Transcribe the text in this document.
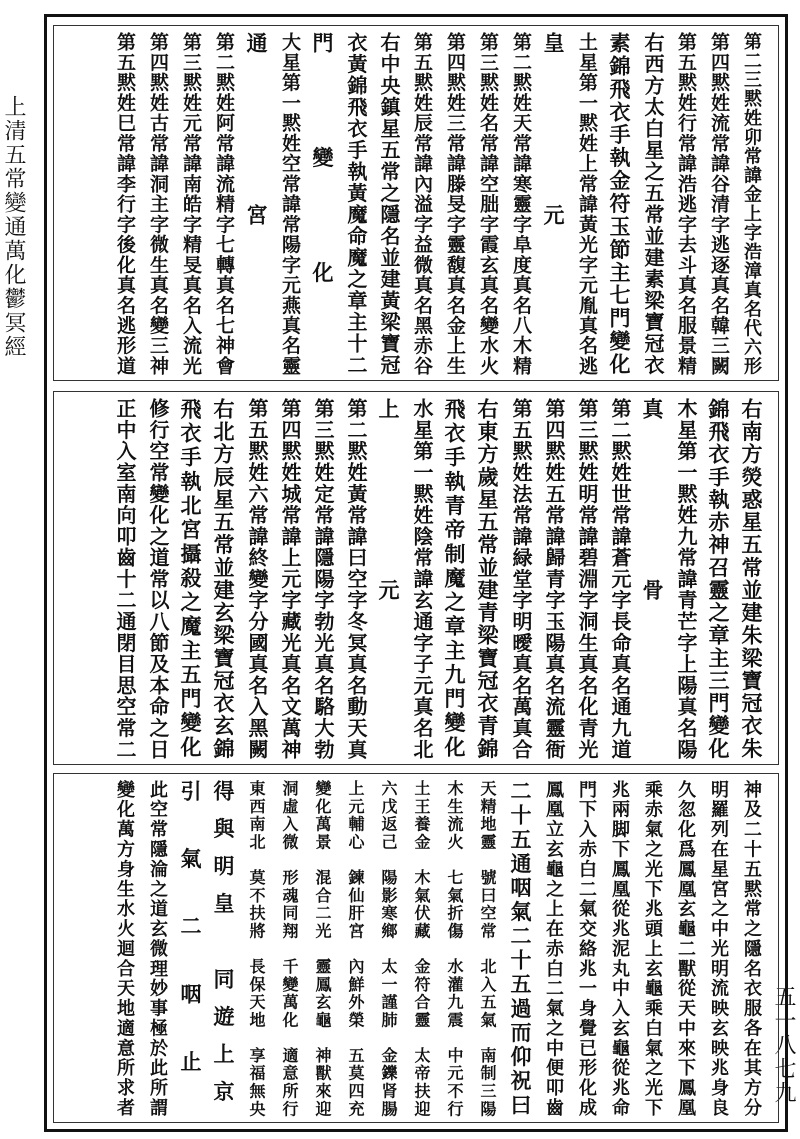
上清五常變通萬化鬱冥經
五一八七九
第二三黙姓卯常諱金上字浩漳真名代六形
第四黙姓流常諱谷清字逃逐真名韓三闕
第五黙姓行常諱浩逃字去斗真名服景精
右西方太白星之五常並建素梁寶冠衣
素錦飛衣手執金符玉節主七門變化
土星第一黙姓上常諱黃光字元胤真名逃
皇元
第二黙姓天常諱寒靈字阜度真名八木精
第三黙姓名常諱空朏字霞玄真名變水火
第四黙姓三常諱滕旻字靈馥真名金上生
第五黙姓辰常諱內溢字益微真名黑赤谷
右中央鎮星五常之隱名並建黃梁寶冠
衣黃錦飛衣手執黃魔命魔之章主十二
門變化
大星第一黙姓空常諱常陽字元燕真名靈
通宮
第二黙姓阿常諱流精字七轉真名七神會
第三黙姓元常諱南皓字精旻真名入流光
第四黙姓古常諱洞主字微生真名變三神
第五黙姓巳常諱李行字後化真名逃形道
右南方熒惑星五常並建朱梁寶冠衣朱
錦飛衣手執赤神召靈之章主三門變化
木星第一黙姓九常諱青芒字上陽真名陽
真骨
第二黙姓世常諱蒼元字長命真名通九道
第三黙姓明常諱碧淵字洞生真名化青光
第四黙姓五常諱歸青字玉陽真名流靈衙
第五黙姓法常諱緑堂字明曖真名萬真合
右東方歲星五常並建青梁寶冠衣青錦
飛衣手執青帝制魔之章主九門變化
水星第一黙姓陰常諱玄通字子元真名北
上元
第二黙姓黃常諱曰空字冬冥真名動天真
第三黙姓定常諱隱陽字勃光真名駱大勃
第四黙姓城常諱上元字藏光真名文萬神
第五黙姓六常諱終變字分國真名入黑闕
右北方辰星五常並建玄梁寶冠衣玄錦
飛衣手執北宮攝殺之魔主五門變化
修行空常變化之道常以八節及本命之日
正中入室南向叩齒十二通閉目思空常二
神及二十五黙常之隱名衣服各在其方分
明羅列在星宮之中光明流映玄映兆身良
久忽化爲鳳凰玄龜二獸從天中來下鳳凰
乘赤氣之光下兆頭上玄龜乘白氣之光下
兆兩脚下鳳凰從兆泥丸中入玄龜從兆命
門下入赤白二氣交絡兆一身覺已形化成
鳳凰立玄龜之上在赤白二氣之中便叩齒
二十五通咽氣二十五過而仰祝曰
天精地靈　號曰空常　北入五氣　南制三陽
木生流火　七氣折傷　水灌九震　中元不行
土王養金　木氣伏藏　金符合靈　太帝扶迎
六戊返己　陽影寒鄉　太一謹肺　金鑠肾腸
上元輔心　鍊仙肝宮　內鮮外榮　五莫四充
變化萬景　混合二光　靈鳳玄龜　神獸來迎
洞虛入微　形魂同翔　千變萬化　適意所行
東西南北　莫不扶將　長保天地　享福無央
得與明皇　同遊上京
引氣二咽止
此空常隱淪之道玄微理妙事極於此所謂
變化萬方身生水火迴合天地適意所求者
